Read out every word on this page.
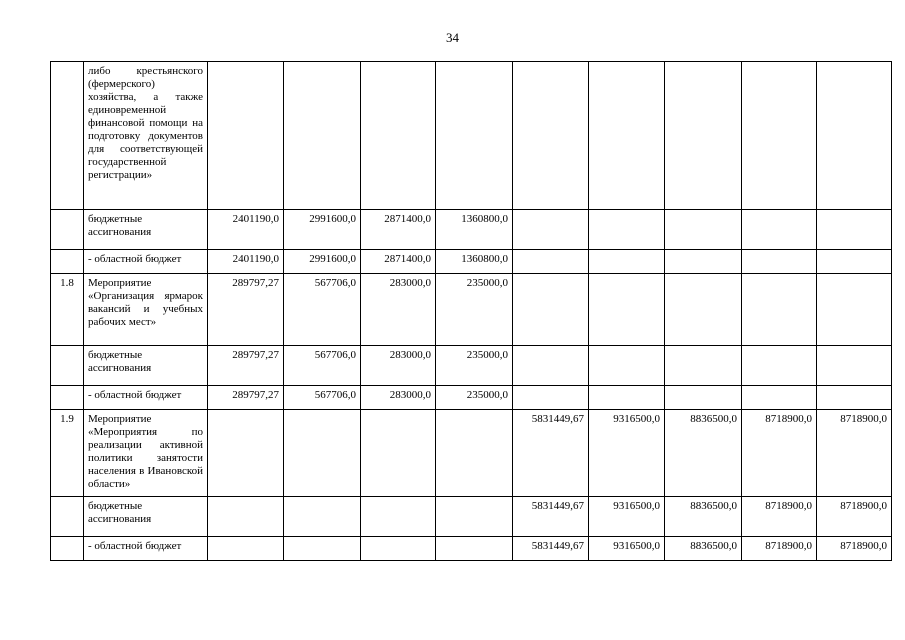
34
	либо крестьянского (фермерского) хозяйства, а также единовременной финансовой помощи на подготовку документов для соответствующей государственной регистрации»									
	бюджетные ассигнования	2401190,0	2991600,0	2871400,0	1360800,0					
	- областной бюджет	2401190,0	2991600,0	2871400,0	1360800,0					
1.8	Мероприятие «Организация ярмарок вакансий и учебных рабочих мест»	289797,27	567706,0	283000,0	235000,0					
	бюджетные ассигнования	289797,27	567706,0	283000,0	235000,0					
	- областной бюджет	289797,27	567706,0	283000,0	235000,0					
1.9	Мероприятие «Мероприятия по реализации активной политики занятости населения в Ивановской области»					5831449,67	9316500,0	8836500,0	8718900,0	8718900,0
	бюджетные ассигнования					5831449,67	9316500,0	8836500,0	8718900,0	8718900,0
	- областной бюджет					5831449,67	9316500,0	8836500,0	8718900,0	8718900,0
